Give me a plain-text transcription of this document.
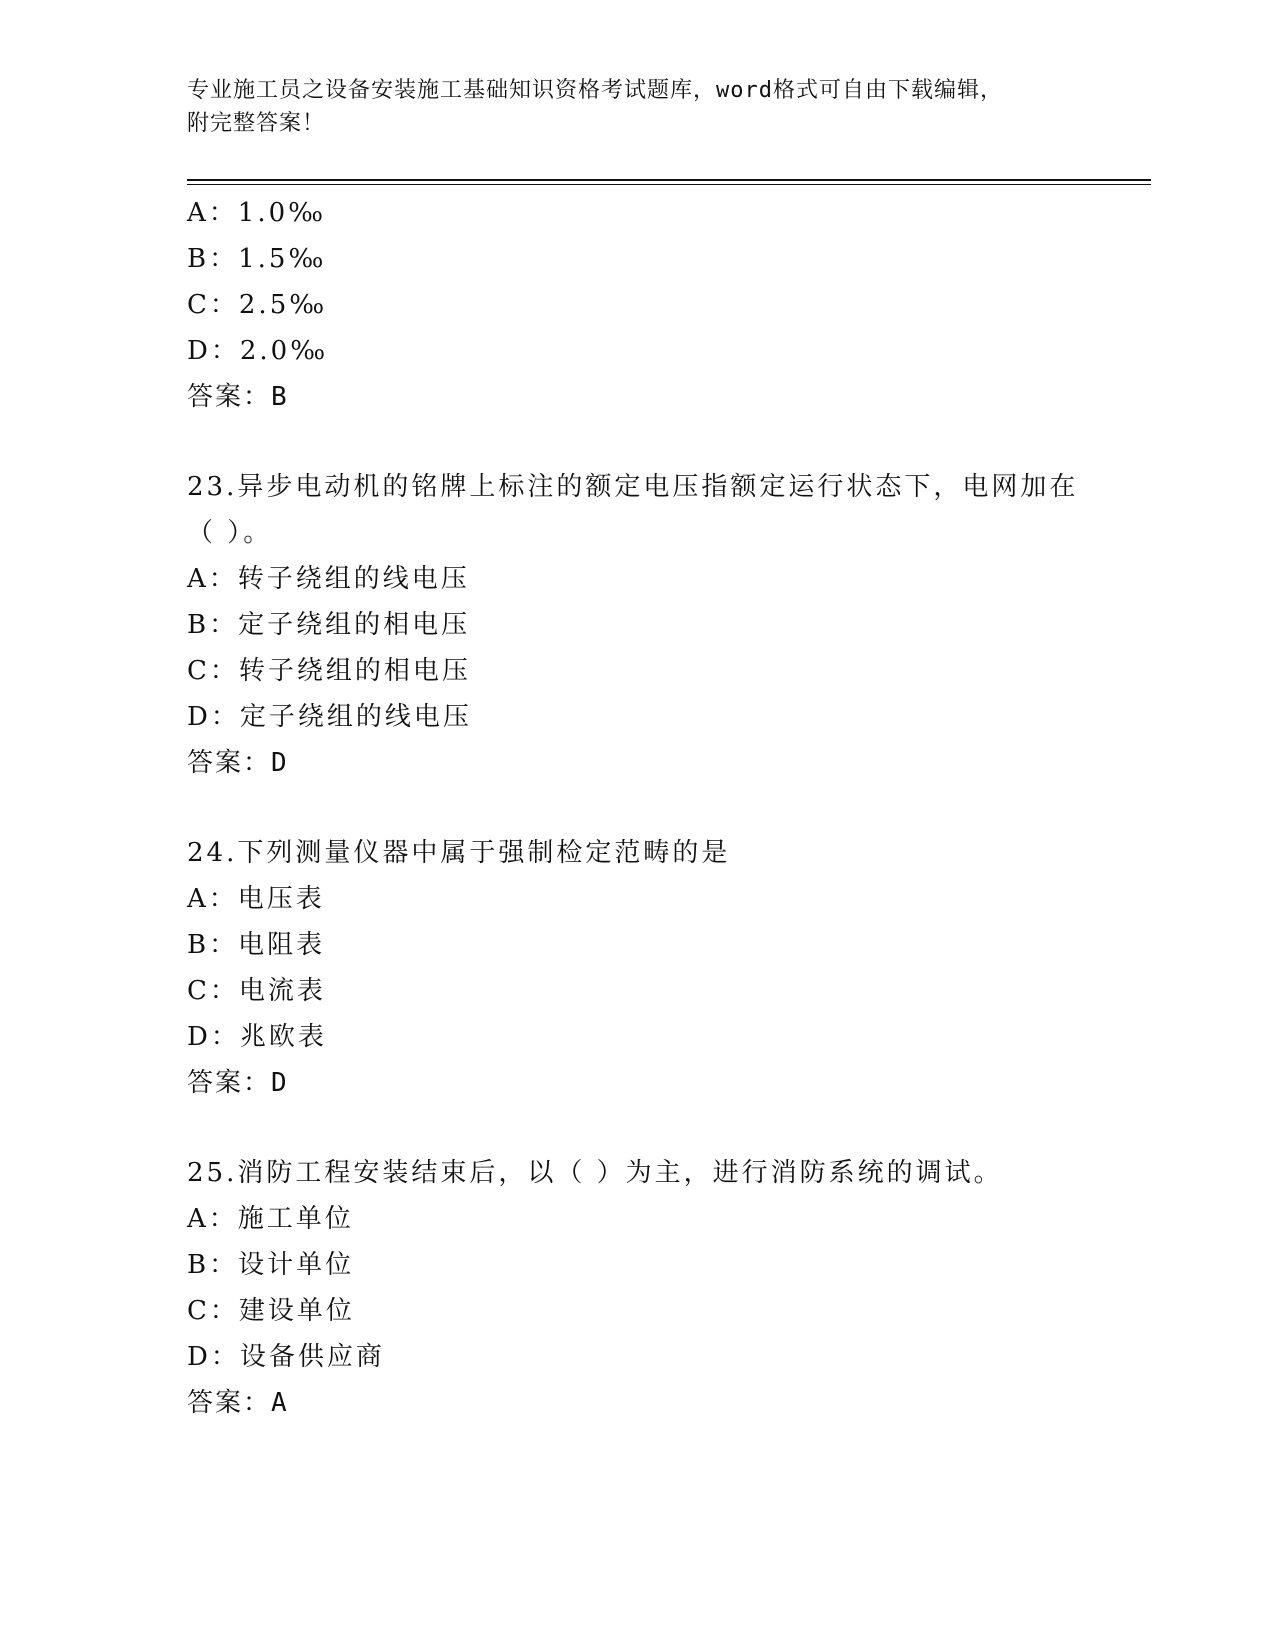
专业施工员之设备安装施工基础知识资格考试题库，word格式可自由下载编辑，
附完整答案！
A：1.0‰
B：1.5‰
C：2.5‰
D：2.0‰
答案：B
23.异步电动机的铭牌上标注的额定电压指额定运行状态下，电网加在
（ ）。
A：转子绕组的线电压
B：定子绕组的相电压
C：转子绕组的相电压
D：定子绕组的线电压
答案：D
24.下列测量仪器中属于强制检定范畴的是
A：电压表
B：电阻表
C：电流表
D：兆欧表
答案：D
25.消防工程安装结束后，以（ ）为主，进行消防系统的调试。
A：施工单位
B：设计单位
C：建设单位
D：设备供应商
答案：A
